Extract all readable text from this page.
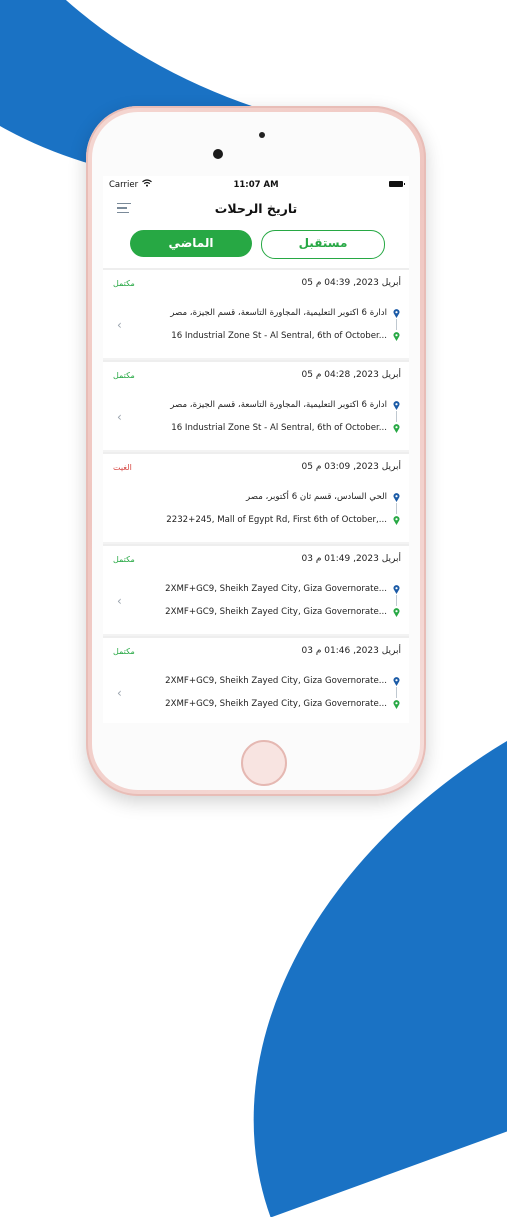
Carrier	11:07 AM
تاريخ الرحلات
الماضي	مستقبل
05 أبريل 2023, 04:39 م
مكتمل
‹
ادارة 6 اكتوبر التعليمية، المجاورة التاسعة، قسم الجيزة، مصر
16 Industrial Zone St - Al Sentral, 6th of October...
05 أبريل 2023, 04:28 م
مكتمل
‹
ادارة 6 اكتوبر التعليمية، المجاورة التاسعة، قسم الجيزة، مصر
16 Industrial Zone St - Al Sentral, 6th of October...
05 أبريل 2023, 03:09 م
الغيت
الحي السادس، قسم ثان 6 أكتوبر، مصر
2232+245, Mall of Egypt Rd, First 6th of October,...
03 أبريل 2023, 01:49 م
مكتمل
‹
2XMF+GC9, Sheikh Zayed City, Giza Governorate...
2XMF+GC9, Sheikh Zayed City, Giza Governorate...
03 أبريل 2023, 01:46 م
مكتمل
‹
2XMF+GC9, Sheikh Zayed City, Giza Governorate...
2XMF+GC9, Sheikh Zayed City, Giza Governorate...
